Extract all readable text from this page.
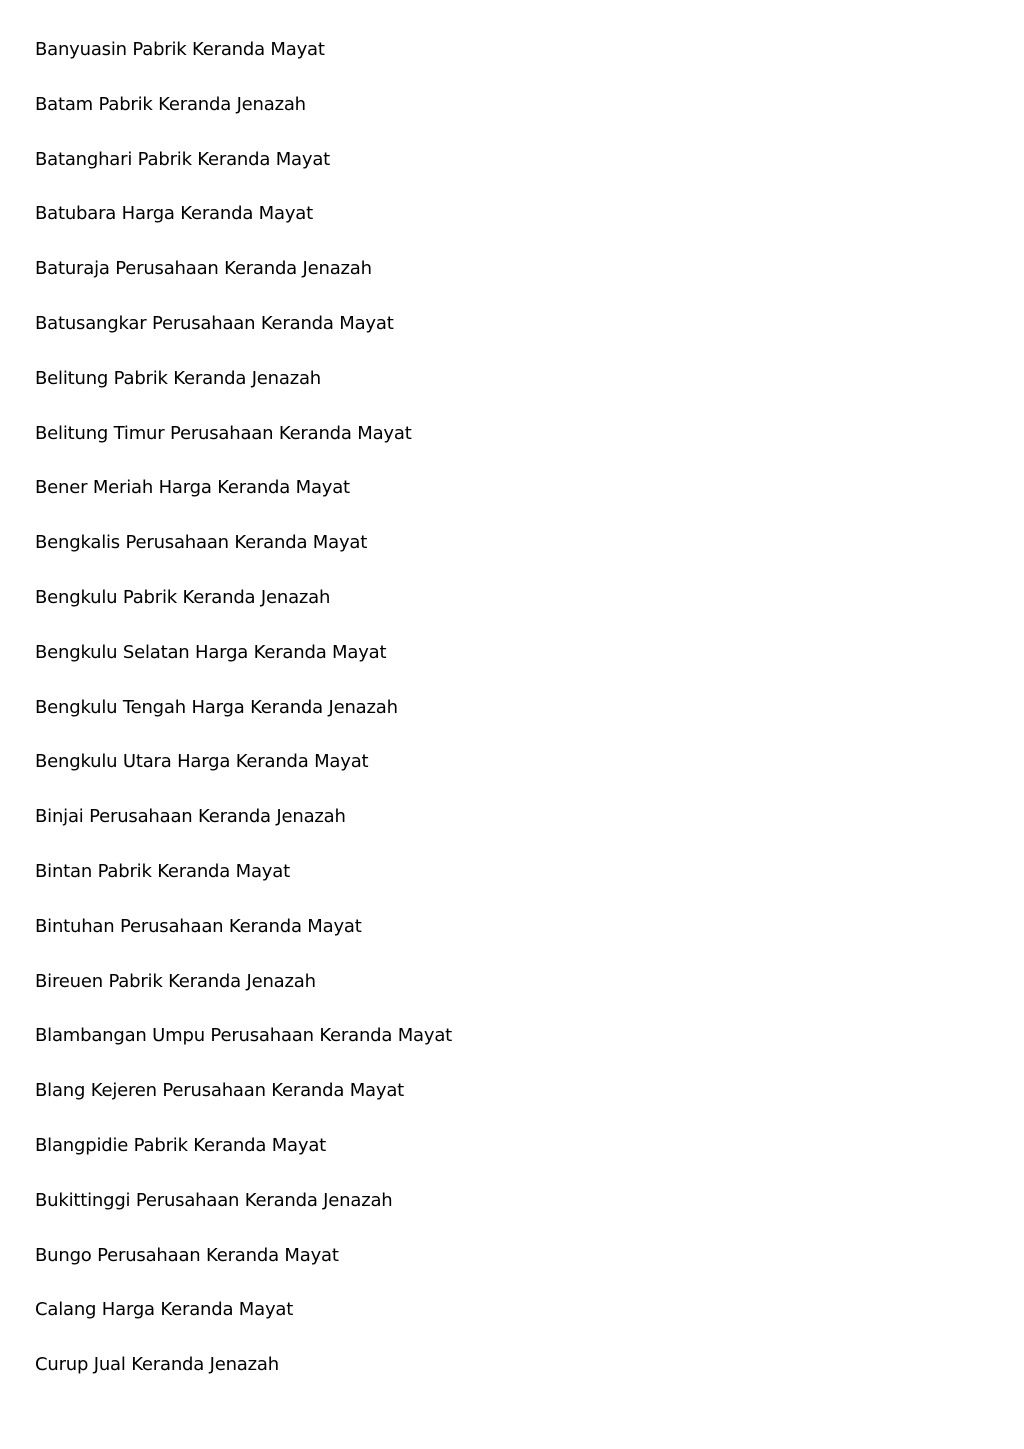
Banyuasin Pabrik Keranda Mayat
Batam Pabrik Keranda Jenazah
Batanghari Pabrik Keranda Mayat
Batubara Harga Keranda Mayat
Baturaja Perusahaan Keranda Jenazah
Batusangkar Perusahaan Keranda Mayat
Belitung Pabrik Keranda Jenazah
Belitung Timur Perusahaan Keranda Mayat
Bener Meriah Harga Keranda Mayat
Bengkalis Perusahaan Keranda Mayat
Bengkulu Pabrik Keranda Jenazah
Bengkulu Selatan Harga Keranda Mayat
Bengkulu Tengah Harga Keranda Jenazah
Bengkulu Utara Harga Keranda Mayat
Binjai Perusahaan Keranda Jenazah
Bintan Pabrik Keranda Mayat
Bintuhan Perusahaan Keranda Mayat
Bireuen Pabrik Keranda Jenazah
Blambangan Umpu Perusahaan Keranda Mayat
Blang Kejeren Perusahaan Keranda Mayat
Blangpidie Pabrik Keranda Mayat
Bukittinggi Perusahaan Keranda Jenazah
Bungo Perusahaan Keranda Mayat
Calang Harga Keranda Mayat
Curup Jual Keranda Jenazah
